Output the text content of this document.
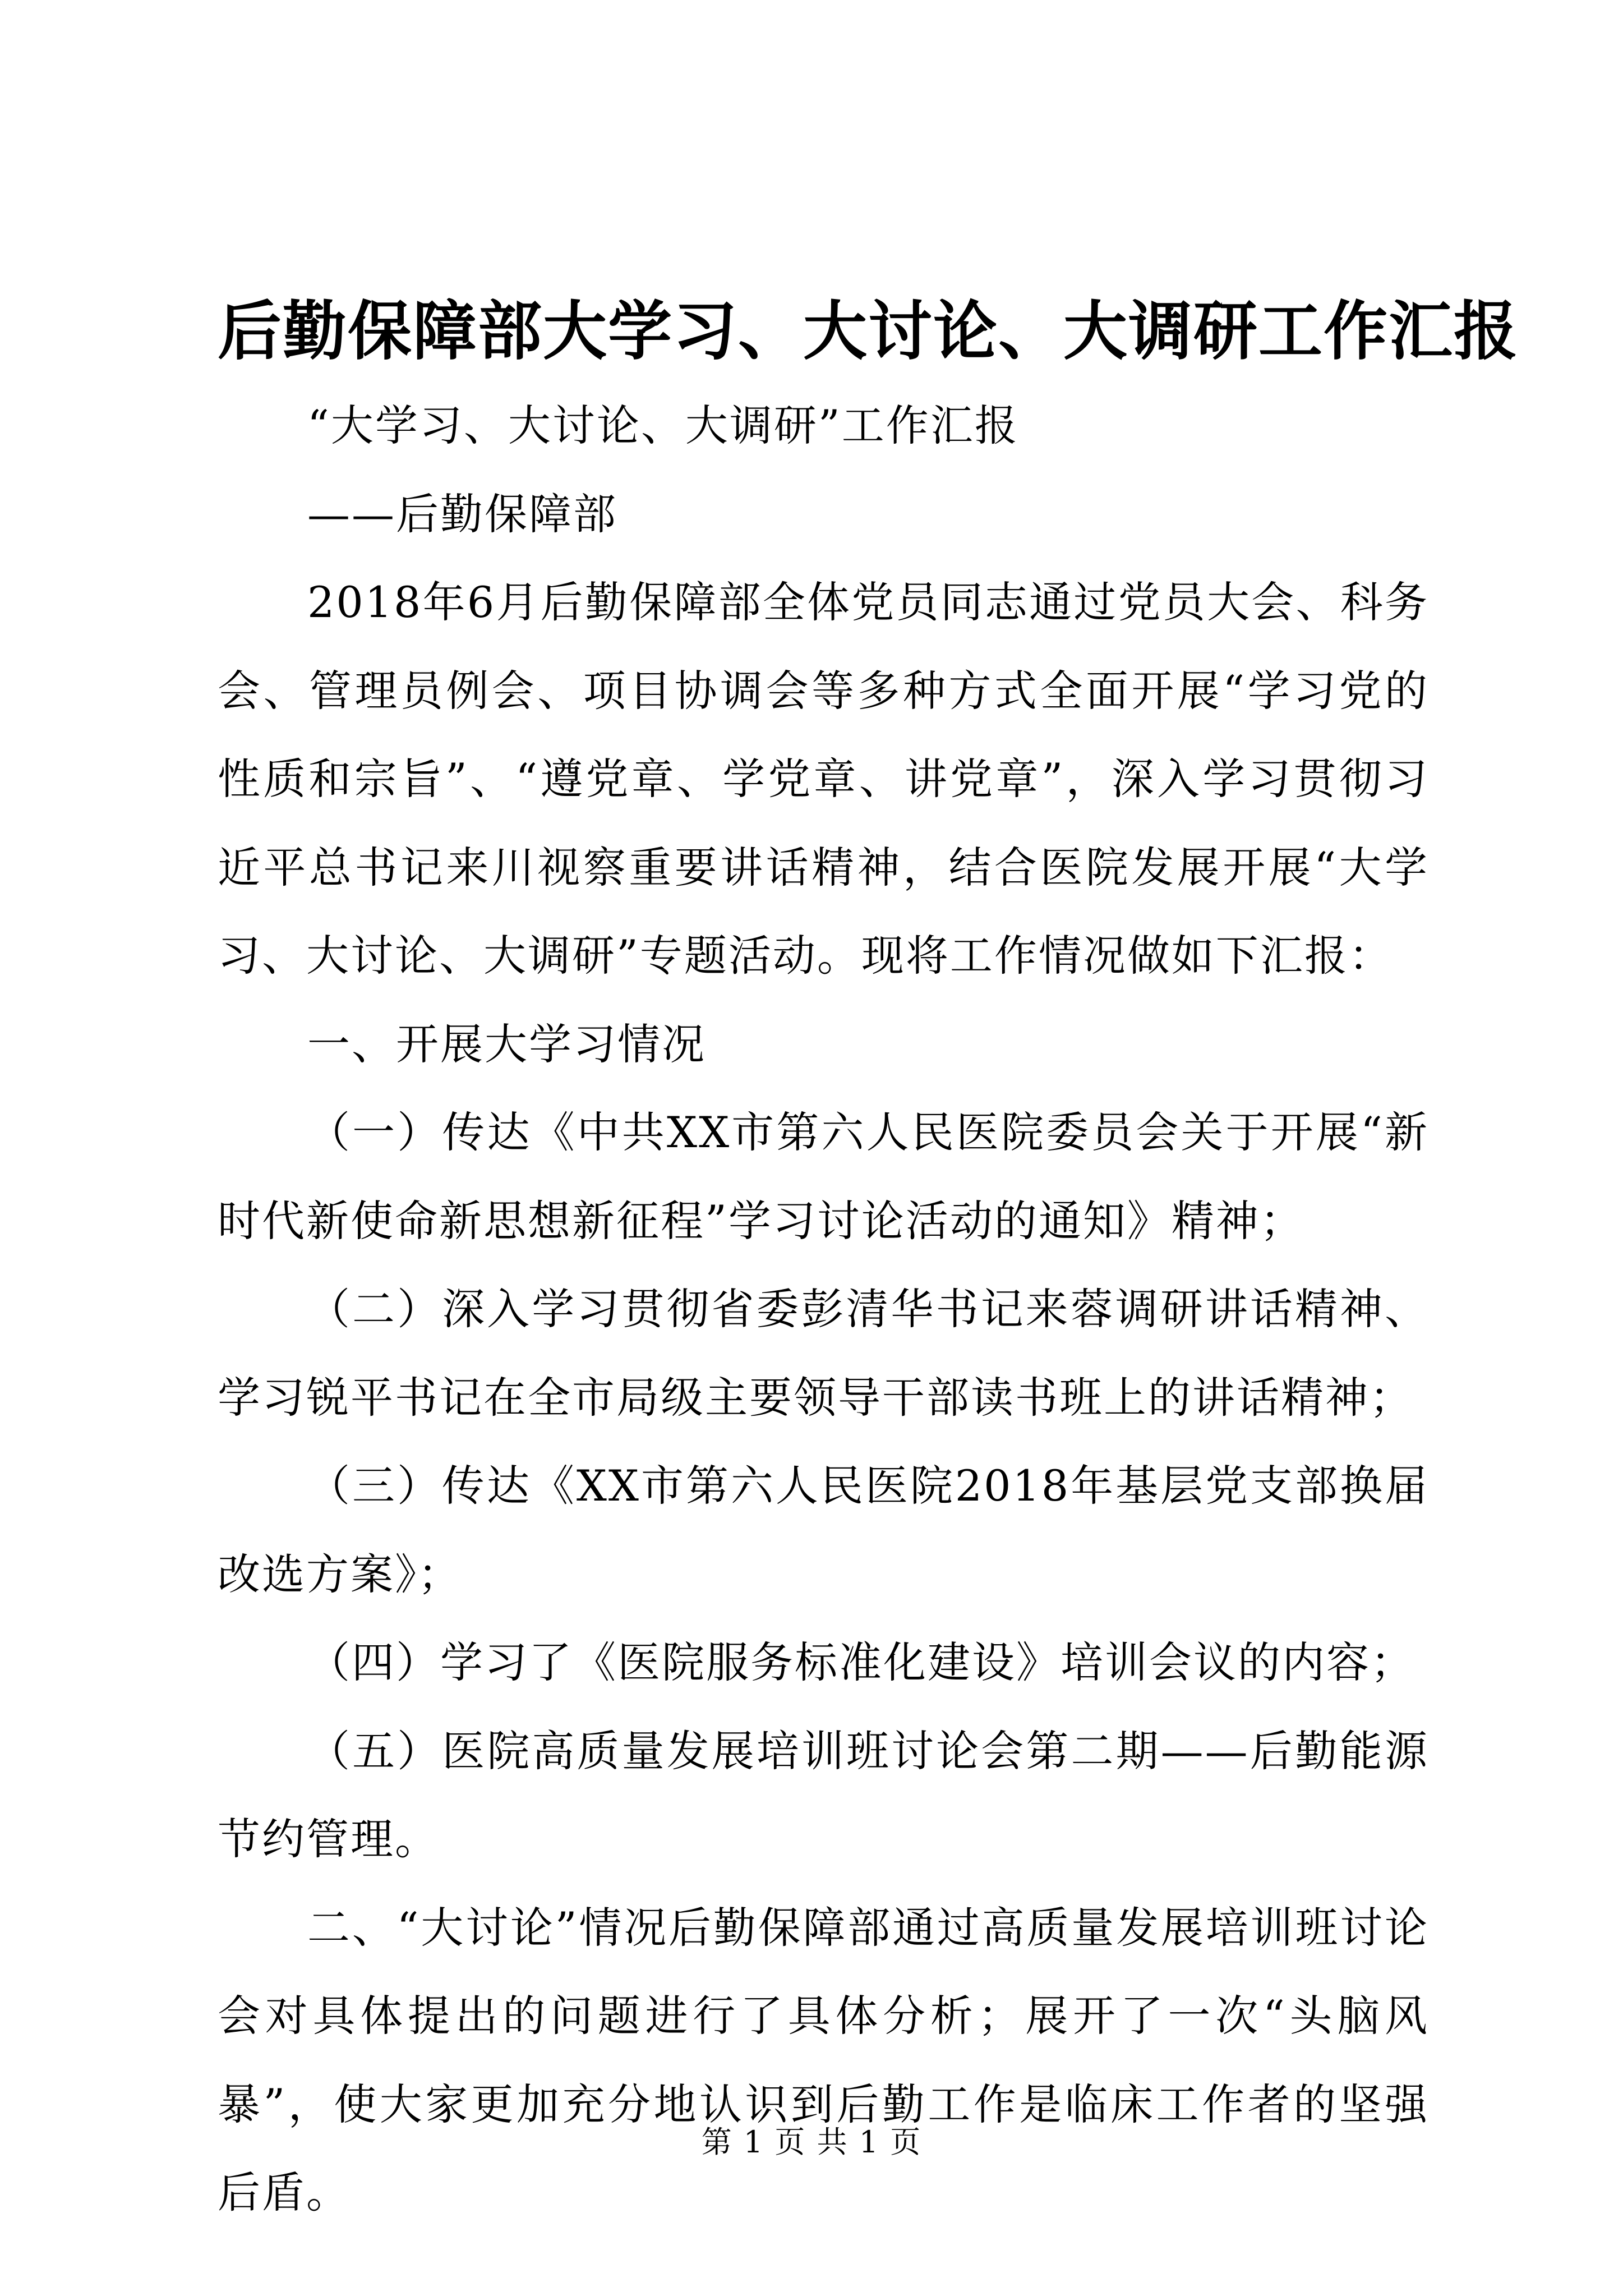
后勤保障部大学习、大讨论、大调研工作汇报

“大学习、大讨论、大调研”工作汇报

——后勤保障部

2018年6月后勤保障部全体党员同志通过党员大会、科务会、管理员例会、项目协调会等多种方式全面开展“学习党的性质和宗旨”、“遵党章、学党章、讲党章”，深入学习贯彻习近平总书记来川视察重要讲话精神，结合医院发展开展“大学习、大讨论、大调研”专题活动。现将工作情况做如下汇报：

一、开展大学习情况

（一）传达《中共XX市第六人民医院委员会关于开展“新时代新使命新思想新征程”学习讨论活动的通知》精神；

（二）深入学习贯彻省委彭清华书记来蓉调研讲话精神、学习锐平书记在全市局级主要领导干部读书班上的讲话精神；

（三）传达《XX市第六人民医院2018年基层党支部换届改选方案》；

（四）学习了《医院服务标准化建设》培训会议的内容；

（五）医院高质量发展培训班讨论会第二期——后勤能源节约管理。

二、“大讨论”情况后勤保障部通过高质量发展培训班讨论会对具体提出的问题进行了具体分析；展开了一次“头脑风暴”，使大家更加充分地认识到后勤工作是临床工作者的坚强后盾。

第 1 页 共 1 页
